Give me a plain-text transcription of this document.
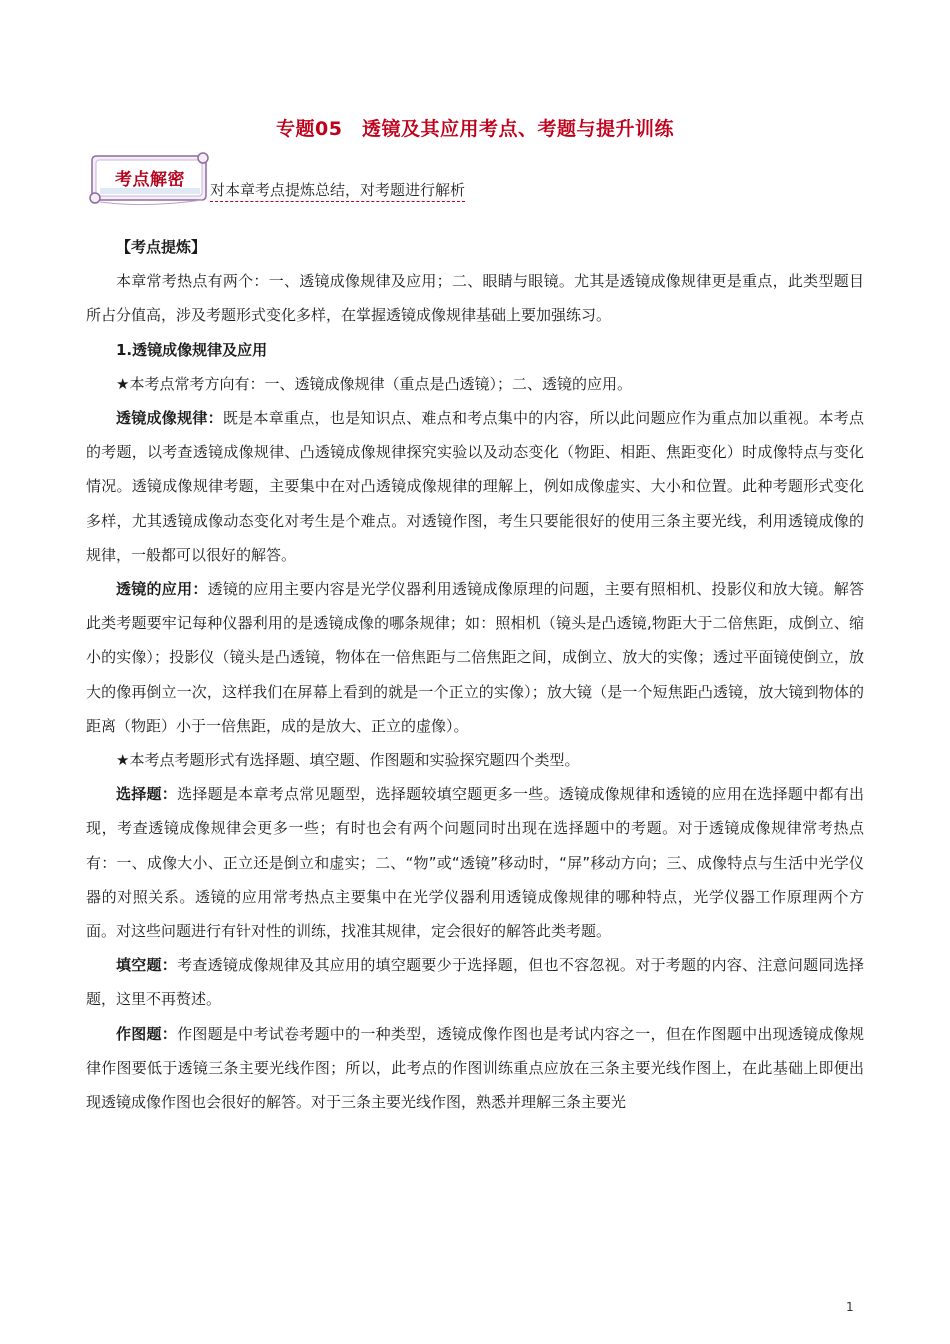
专题05　透镜及其应用考点、考题与提升训练
考点解密	对本章考点提炼总结，对考题进行解析

【考点提炼】

本章常考热点有两个：一、透镜成像规律及应用；二、眼睛与眼镜。尤其是透镜成像规律更是重点，此类型题目所占分值高，涉及考题形式变化多样，在掌握透镜成像规律基础上要加强练习。

1.透镜成像规律及应用

★本考点常考方向有：一、透镜成像规律（重点是凸透镜）；二、透镜的应用。

透镜成像规律：既是本章重点，也是知识点、难点和考点集中的内容，所以此问题应作为重点加以重视。本考点的考题，以考查透镜成像规律、凸透镜成像规律探究实验以及动态变化（物距、相距、焦距变化）时成像特点与变化情况。透镜成像规律考题，主要集中在对凸透镜成像规律的理解上，例如成像虚实、大小和位置。此种考题形式变化多样，尤其透镜成像动态变化对考生是个难点。对透镜作图，考生只要能很好的使用三条主要光线，利用透镜成像的规律，一般都可以很好的解答。

透镜的应用：透镜的应用主要内容是光学仪器利用透镜成像原理的问题，主要有照相机、投影仪和放大镜。解答此类考题要牢记每种仪器利用的是透镜成像的哪条规律；如：照相机（镜头是凸透镜,物距大于二倍焦距，成倒立、缩小的实像）；投影仪（镜头是凸透镜，物体在一倍焦距与二倍焦距之间，成倒立、放大的实像；透过平面镜使倒立，放大的像再倒立一次，这样我们在屏幕上看到的就是一个正立的实像）；放大镜（是一个短焦距凸透镜，放大镜到物体的距离（物距）小于一倍焦距，成的是放大、正立的虚像）。

★本考点考题形式有选择题、填空题、作图题和实验探究题四个类型。

选择题：选择题是本章考点常见题型，选择题较填空题更多一些。透镜成像规律和透镜的应用在选择题中都有出现，考查透镜成像规律会更多一些；有时也会有两个问题同时出现在选择题中的考题。对于透镜成像规律常考热点有：一、成像大小、正立还是倒立和虚实；二、“物”或“透镜”移动时，“屏”移动方向；三、成像特点与生活中光学仪器的对照关系。透镜的应用常考热点主要集中在光学仪器利用透镜成像规律的哪种特点，光学仪器工作原理两个方面。对这些问题进行有针对性的训练，找准其规律，定会很好的解答此类考题。

填空题：考查透镜成像规律及其应用的填空题要少于选择题，但也不容忽视。对于考题的内容、注意问题同选择题，这里不再赘述。

作图题：作图题是中考试卷考题中的一种类型，透镜成像作图也是考试内容之一，但在作图题中出现透镜成像规律作图要低于透镜三条主要光线作图；所以，此考点的作图训练重点应放在三条主要光线作图上，在此基础上即便出现透镜成像作图也会很好的解答。对于三条主要光线作图，熟悉并理解三条主要光

1
